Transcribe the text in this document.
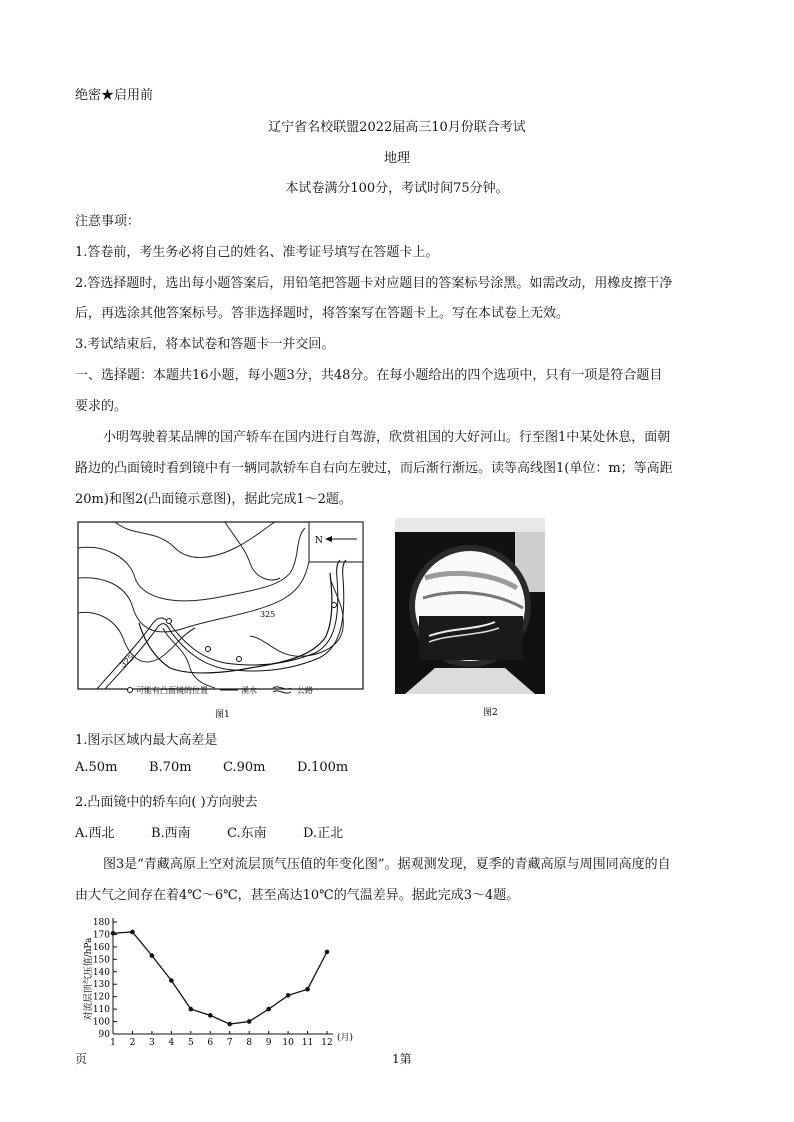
绝密★启用前
辽宁省名校联盟2022届高三10月份联合考试
地理
本试卷满分100分，考试时间75分钟。
注意事项：
1.答卷前，考生务必将自己的姓名、准考证号填写在答题卡上。
2.答选择题时，选出每小题答案后，用铅笔把答题卡对应题目的答案标号涂黑。如需改动，用橡皮擦干净
后，再选涂其他答案标号。答非选择题时，将答案写在答题卡上。写在本试卷上无效。
3.考试结束后，将本试卷和答题卡一并交回。
一、选择题：本题共16小题，每小题3分，共48分。在每小题给出的四个选项中，只有一项是符合题目
要求的。
小明驾驶着某品牌的国产轿车在国内进行自驾游，欣赏祖国的大好河山。行至图1中某处休息，面朝
路边的凸面镜时看到镜中有一辆同款轿车自右向左驶过，而后渐行渐远。读等高线图1(单位：m；等高距
20m)和图2(凸面镜示意图)，据此完成1～2题。
N
325
325
可能有凸面镜的位置	溪水	公路
图1	图2
1.图示区域内最大高差是
A.50m B.70m C.90m D.100m
2.凸面镜中的轿车向( )方向驶去
A.西北	B.西南	C.东南	D.正北
图3是“青藏高原上空对流层顶气压值的年变化图”。据观测发现，夏季的青藏高原与周围同高度的自
由大气之间存在着4℃～6℃，甚至高达10℃的气温差异。据此完成3～4题。
对流层顶气压值/hPa
(月)
90
100
110
120
130
140
150
160
170
180
1 2 3 4 5 6 7 8 9 10 11 12
页	1第
